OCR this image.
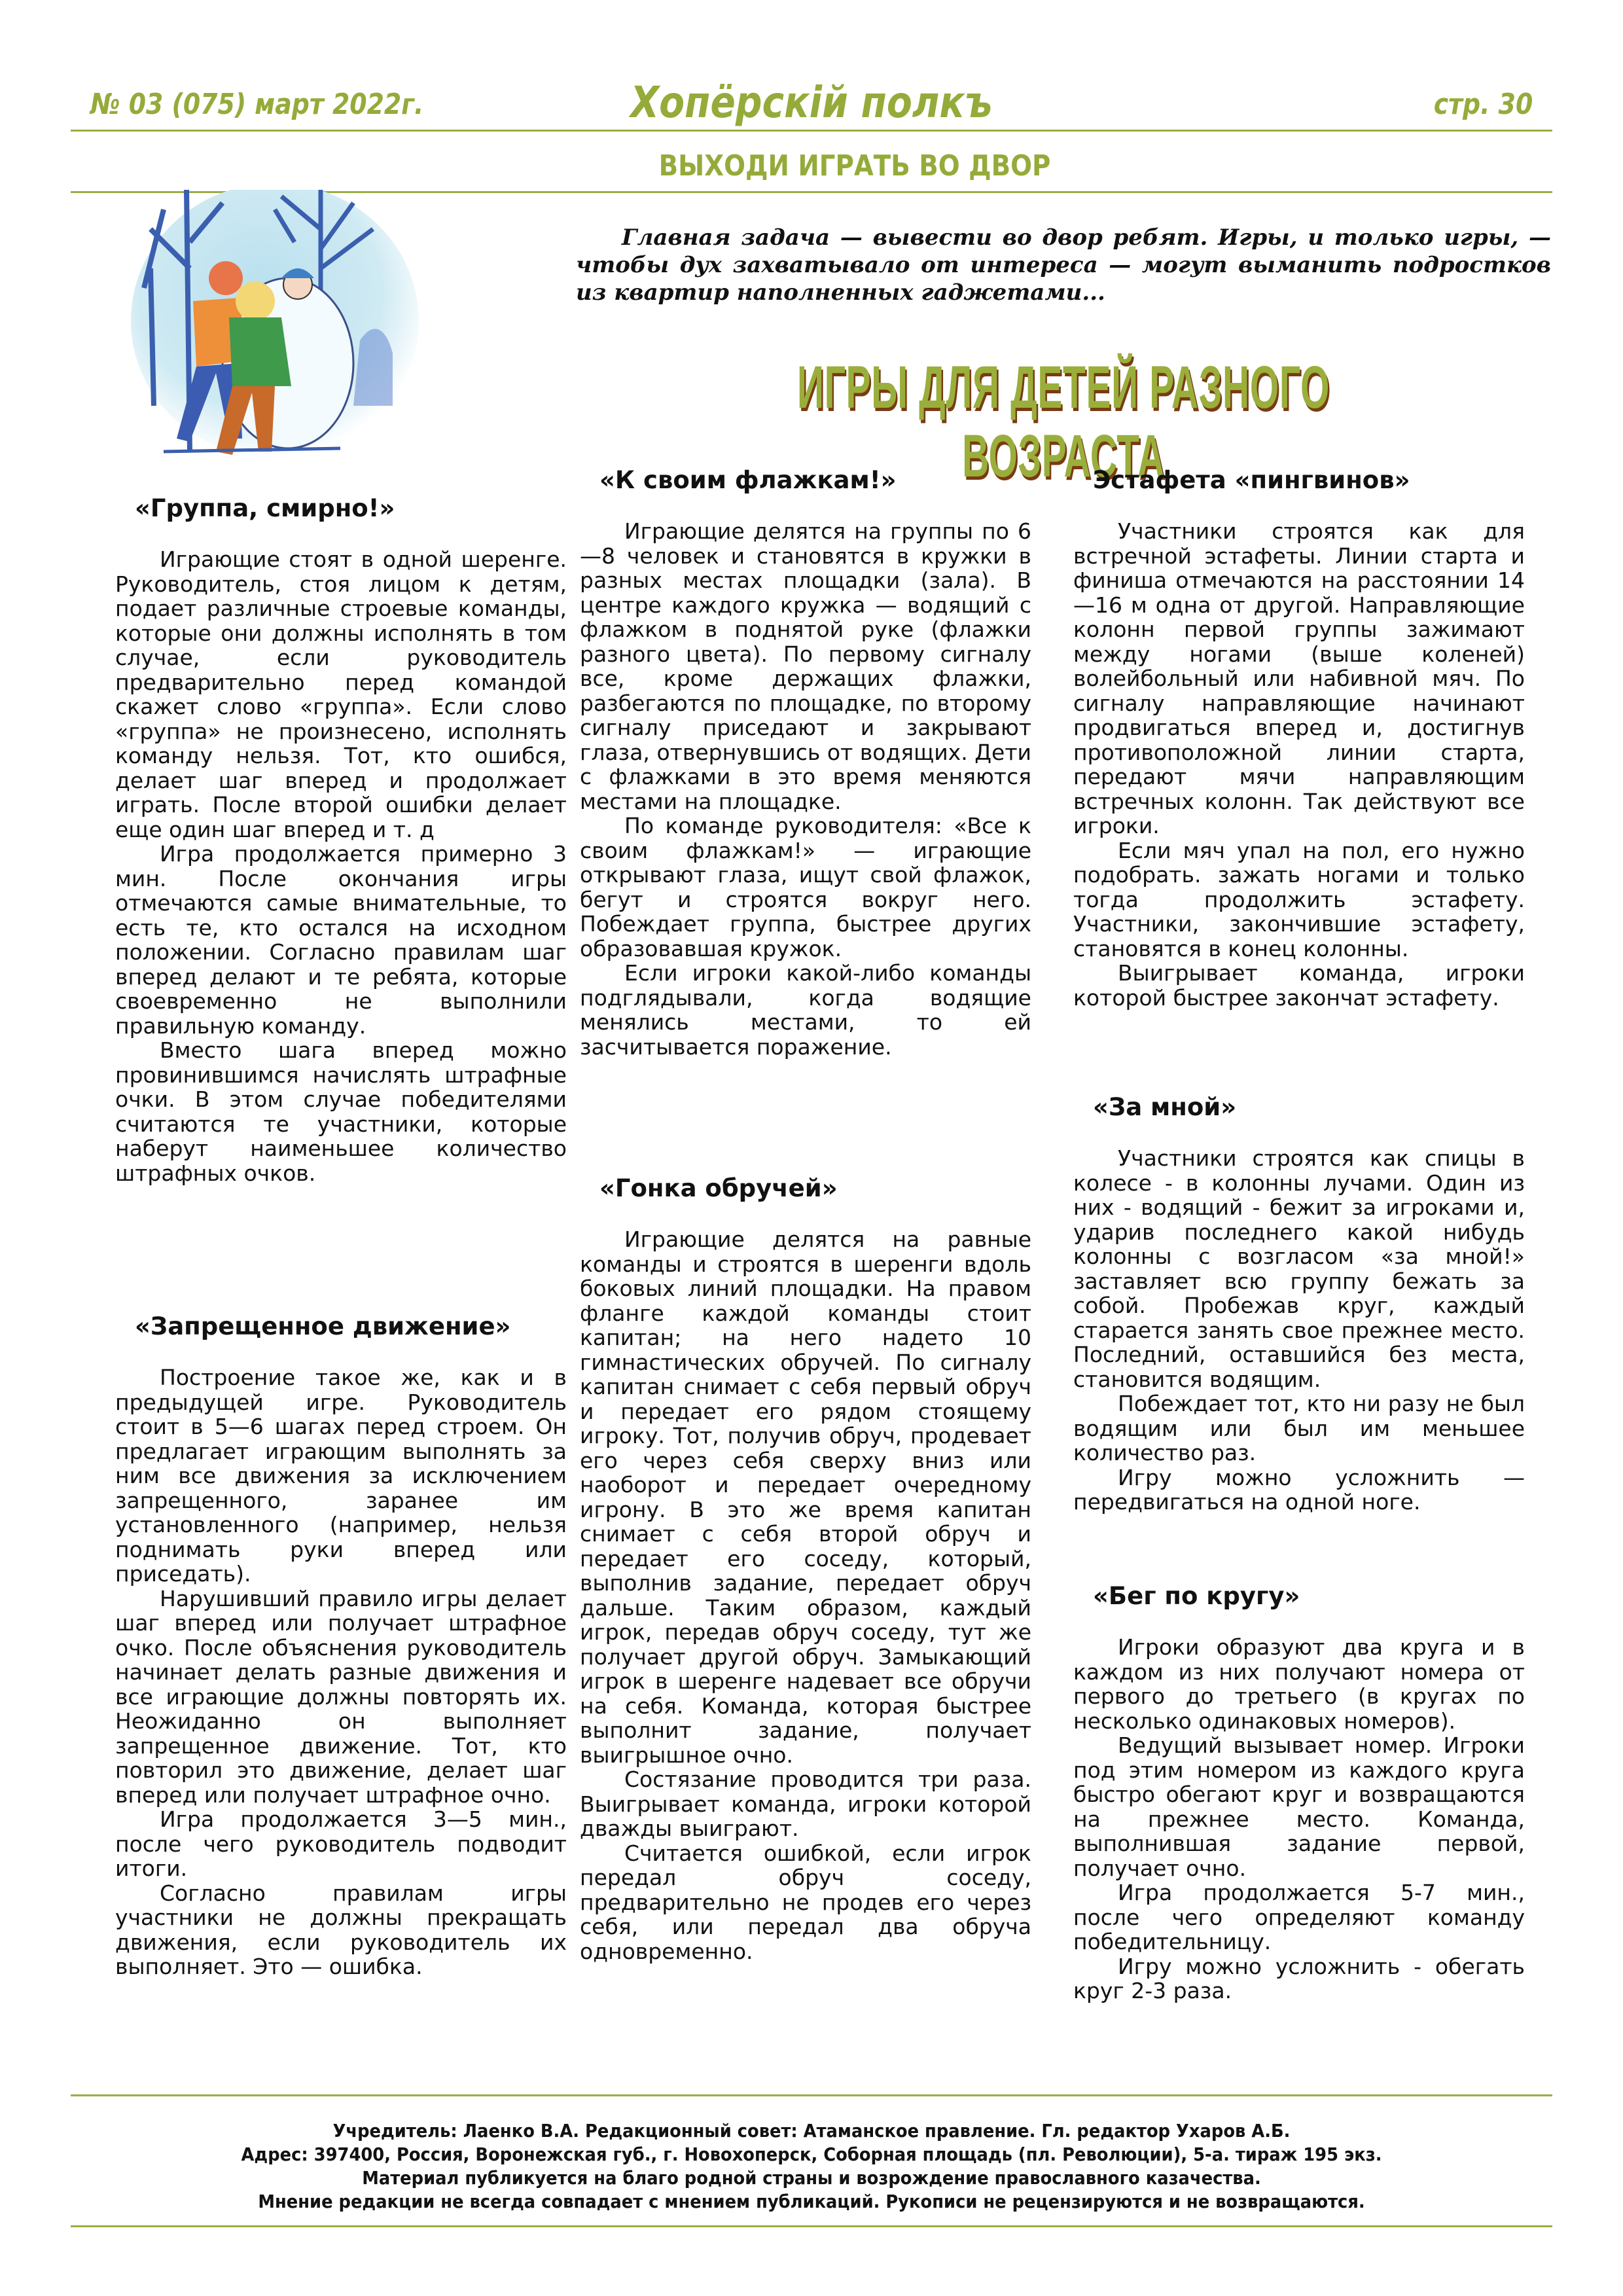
№ 03 (075) март 2022г.	Хопёрскій полкъ	стр. 30
ВЫХОДИ ИГРАТЬ ВО ДВОР
Главная задача — вывести во двор ребят. Игры, и только игры, — чтобы дух захватывало от интереса — могут выманить подростков из квартир наполненных гаджетами...
ИГРЫ ДЛЯ ДЕТЕЙ РАЗНОГО ВОЗРАСТА
«Группа, смирно!»

Играющие стоят в одной шеренге. Руководитель, стоя лицом к детям, подает различные строевые команды, которые они должны исполнять в том случае, если руководитель предварительно перед командой скажет слово «группа». Если слово «группа» не произнесено, исполнять команду нельзя. Тот, кто ошибся, делает шаг вперед и продолжает играть. После второй ошибки делает еще один шаг вперед и т. д

Игра продолжается примерно 3 мин. После окончания игры отмечаются самые внимательные, то есть те, кто остался на исходном положении. Согласно правилам шаг вперед делают и те ребята, которые своевременно не выполнили правильную команду.

Вместо шага вперед можно провинившимся начислять штрафные очки. В этом случае победителями считаются те участники, которые наберут наименьшее количество штрафных очков.

«Запрещенное движение»

Построение такое же, как и в предыдущей игре. Руководитель стоит в 5—6 шагах перед строем. Он предлагает играющим выполнять за ним все движения за исключением запрещенного, заранее им установленного (например, нельзя поднимать руки вперед или приседать).

Нарушивший правило игры делает шаг вперед или получает штрафное очко. После объяснения руководитель начинает делать разные движения и все играющие должны повторять их. Неожиданно он выполняет запрещенное движение. Тот, кто повторил это движение, делает шаг вперед или получает штрафное очно.

Игра продолжается 3—5 мин., после чего руководитель подводит итоги.

Согласно правилам игры участники не должны прекращать движения, если руководитель их выполняет. Это — ошибка.

«К своим флажкам!»

Играющие делятся на группы по 6—8 человек и становятся в кружки в разных местах площадки (зала). В центре каждого кружка — водящий с флажком в поднятой руке (флажки разного цвета). По первому сигналу все, кроме держащих флажки, разбегаются по площадке, по второму сигналу приседают и закрывают глаза, отвернувшись от водящих. Дети с флажками в это время меняются местами на площадке.

По команде руководителя: «Все к своим флажкам!» — играющие открывают глаза, ищут свой флажок, бегут и строятся вокруг него. Побеждает группа, быстрее других образовавшая кружок.

Если игроки какой-либо команды подглядывали, когда водящие менялись местами, то ей засчитывается поражение.

«Гонка обручей»

Играющие делятся на равные команды и строятся в шеренги вдоль боковых линий площадки. На правом фланге каждой команды стоит капитан; на него надето 10 гимнастических обручей. По сигналу капитан снимает с себя первый обруч и передает его рядом стоящему игроку. Тот, получив обруч, продевает его через себя сверху вниз или наоборот и передает очередному игрону. В это же время капитан снимает с себя второй обруч и передает его соседу, который, выполнив задание, передает обруч дальше. Таким образом, каждый игрок, передав обруч соседу, тут же получает другой обруч. Замыкающий игрок в шеренге надевает все обручи на себя. Команда, которая быстрее выполнит задание, получает выигрышное очно.

Состязание проводится три раза. Выигрывает команда, игроки которой дважды выиграют.

Считается ошибкой, если игрок передал обруч соседу, предварительно не продев его через себя, или передал два обруча одновременно.

Эстафета «пингвинов»

Участники строятся как для встречной эстафеты. Линии старта и финиша отмечаются на расстоянии 14—16 м одна от другой. Направляющие колонн первой группы зажимают между ногами (выше коленей) волейбольный или набивной мяч. По сигналу направляющие начинают продвигаться вперед и, достигнув противоположной линии старта, передают мячи направляющим встречных колонн. Так действуют все игроки.

Если мяч упал на пол, его нужно подобрать. зажать ногами и только тогда продолжить эстафету. Участники, закончившие эстафету, становятся в конец колонны.

Выигрывает команда, игроки которой быстрее закончат эстафету.

«За мной»

Участники строятся как спицы в колесе - в колонны лучами. Один из них - водящий - бежит за игроками и, ударив последнего какой нибудь колонны с возгласом «за мной!» заставляет всю группу бежать за собой. Пробежав круг, каждый старается занять свое прежнее место. Последний, оставшийся без места, становится водящим.

Побеждает тот, кто ни разу не был водящим или был им меньшее количество раз.

Игру можно усложнить — передвигаться на одной ноге.

«Бег по кругу»

Игроки образуют два круга и в каждом из них получают номера от первого до третьего (в кругах по несколько одинаковых номеров).

Ведущий вызывает номер. Игроки под этим номером из каждого круга быстро обегают круг и возвращаются на прежнее место. Команда, выполнившая задание первой, получает очно.

Игра продолжается 5-7 мин., после чего определяют команду победительницу.

Игру можно усложнить - обегать круг 2-3 раза.

Учредитель: Лаенко В.А. Редакционный совет: Атаманское правление. Гл. редактор Ухаров А.Б.
Адрес: 397400, Россия, Воронежская губ., г. Новохоперск, Соборная площадь (пл. Революции), 5-а. тираж 195 экз.
Материал публикуется на благо родной страны и возрождение православного казачества.
Мнение редакции не всегда совпадает с мнением публикаций. Рукописи не рецензируются и не возвращаются.
